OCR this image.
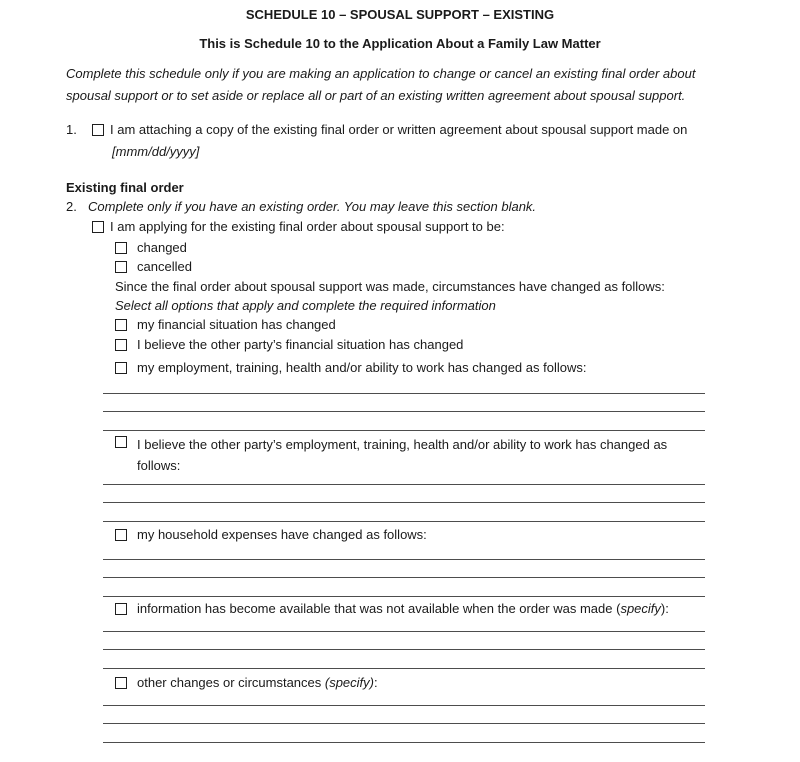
SCHEDULE 10 – SPOUSAL SUPPORT – EXISTING
This is Schedule 10 to the Application About a Family Law Matter
Complete this schedule only if you are making an application to change or cancel an existing final order about
spousal support or to set aside or replace all or part of an existing written agreement about spousal support.
1.	I am attaching a copy of the existing final order or written agreement about spousal support made on
[mmm/dd/yyyy]
Existing final order
2. Complete only if you have an existing order. You may leave this section blank.
I am applying for the existing final order about spousal support to be:
changed
cancelled
Since the final order about spousal support was made, circumstances have changed as follows:
Select all options that apply and complete the required information
my financial situation has changed
I believe the other party’s financial situation has changed
my employment, training, health and/or ability to work has changed as follows:
I believe the other party’s employment, training, health and/or ability to work has changed as
follows:
my household expenses have changed as follows:
information has become available that was not available when the order was made (specify):
other changes or circumstances (specify):
